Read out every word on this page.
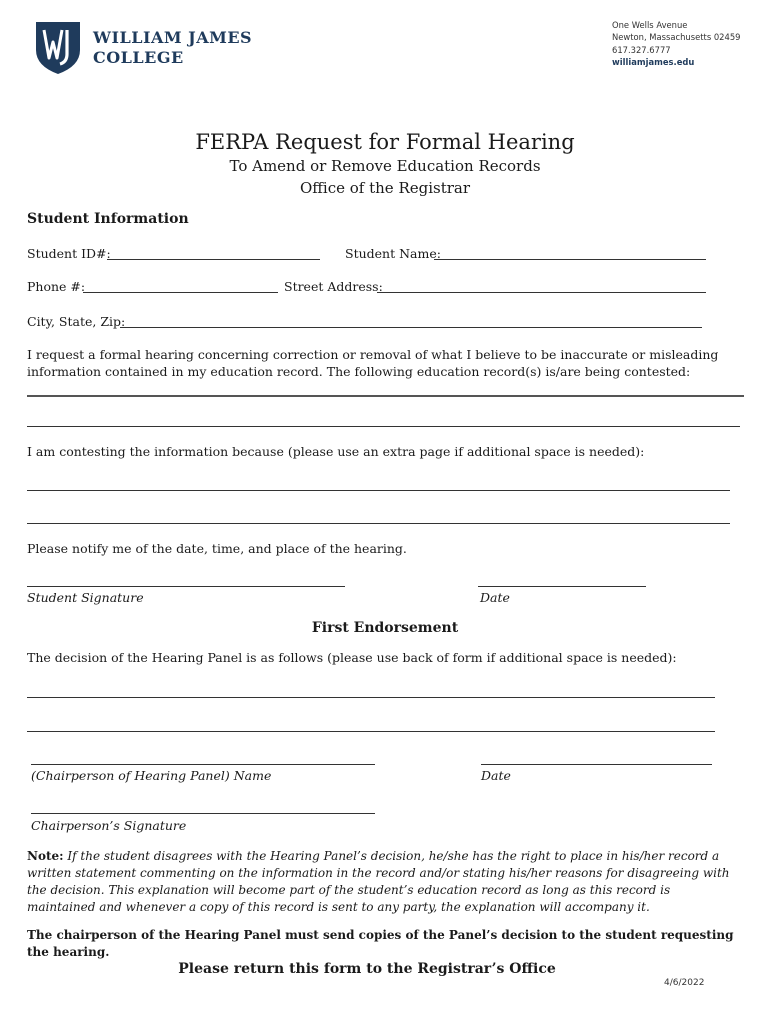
WILLIAM JAMES
COLLEGE
One Wells Avenue
Newton, Massachusetts 02459
617.327.6777
williamjames.edu
FERPA Request for Formal Hearing
To Amend or Remove Education Records
Office of the Registrar
Student Information
Student ID#:	Student Name:
Phone #:	Street Address:
City, State, Zip:
I request a formal hearing concerning correction or removal of what I believe to be inaccurate or misleading information contained in my education record. The following education record(s) is/are being contested:
I am contesting the information because (please use an extra page if additional space is needed):
Please notify me of the date, time, and place of the hearing.
Student Signature	Date
First Endorsement
The decision of the Hearing Panel is as follows (please use back of form if additional space is needed):
(Chairperson of Hearing Panel) Name	Date
Chairperson’s Signature
Note: If the student disagrees with the Hearing Panel’s decision, he/she has the right to place in his/her record a written statement commenting on the information in the record and/or stating his/her reasons for disagreeing with the decision. This explanation will become part of the student’s education record as long as this record is maintained and whenever a copy of this record is sent to any party, the explanation will accompany it.
The chairperson of the Hearing Panel must send copies of the Panel’s decision to the student requesting the hearing.
Please return this form to the Registrar’s Office
4/6/2022
